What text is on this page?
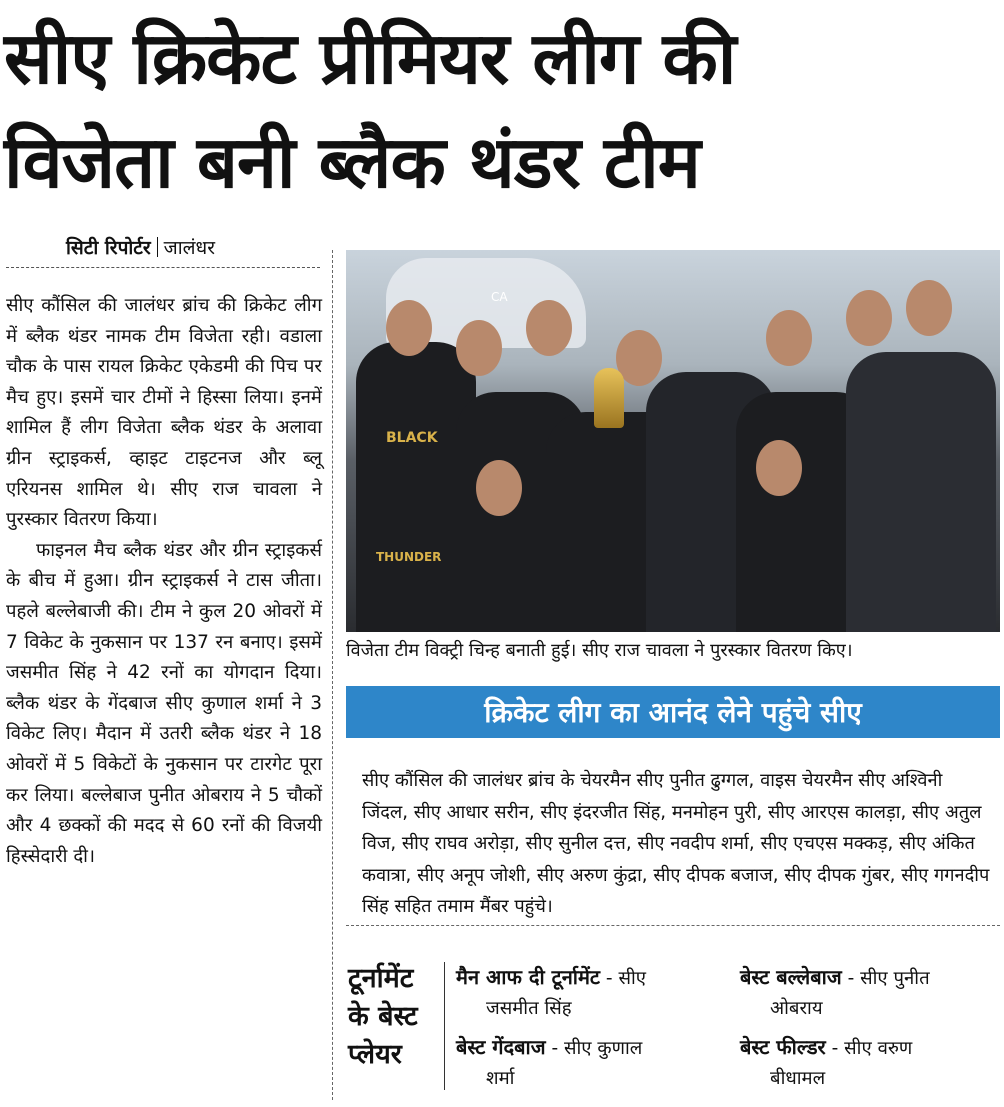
सीए क्रिकेट प्रीमियर लीग की
विजेता बनी ब्लैक थंडर टीम
सिटी रिपोर्टर जालंधर

सीए कौंसिल की जालंधर ब्रांच की क्रिकेट लीग में ब्लैक थंडर नामक टीम विजेता रही। वडाला चौक के पास रायल क्रिकेट एकेडमी की पिच पर मैच हुए। इसमें चार टीमों ने हिस्सा लिया। इनमें शामिल हैं लीग विजेता ब्लैक थंडर के अलावा ग्रीन स्ट्राइकर्स, व्हाइट टाइटनज और ब्लू एरियनस शामिल थे। सीए राज चावला ने पुरस्कार वितरण किया।

फाइनल मैच ब्लैक थंडर और ग्रीन स्ट्राइकर्स के बीच में हुआ। ग्रीन स्ट्राइकर्स ने टास जीता। पहले बल्लेबाजी की। टीम ने कुल 20 ओवरों में 7 विकेट के नुकसान पर 137 रन बनाए। इसमें जसमीत सिंह ने 42 रनों का योगदान दिया। ब्लैक थंडर के गेंदबाज सीए कुणाल शर्मा ने 3 विकेट लिए। मैदान में उतरी ब्लैक थंडर ने 18 ओवरों में 5 विकेटों के नुकसान पर टारगेट पूरा कर लिया। बल्लेबाज पुनीत ओबराय ने 5 चौकों और 4 छक्कों की मदद से 60 रनों की विजयी हिस्सेदारी दी।

BLACK
THUNDER
CA
विजेता टीम विक्ट्री चिन्ह बनाती हुई। सीए राज चावला ने पुरस्कार वितरण किए।
क्रिकेट लीग का आनंद लेने पहुंचे सीए
सीए कौंसिल की जालंधर ब्रांच के चेयरमैन सीए पुनीत ढुग्गल, वाइस चेयरमैन सीए अश्विनी जिंदल, सीए आधार सरीन, सीए इंदरजीत सिंह, मनमोहन पुरी, सीए आरएस कालड़ा, सीए अतुल विज, सीए राघव अरोड़ा, सीए सुनील दत्त, सीए नवदीप शर्मा, सीए एचएस मक्कड़, सीए अंकित कवात्रा, सीए अनूप जोशी, सीए अरुण कुंद्रा, सीए दीपक बजाज, सीए दीपक गुंबर, सीए गगनदीप सिंह सहित तमाम मैंबर पहुंचे।
टूर्नामेंट
के बेस्ट
प्लेयर
मैन आफ दी टूर्नामेंट - सीए
जसमीत सिंह
बेस्ट बल्लेबाज - सीए पुनीत
ओबराय
बेस्ट गेंदबाज - सीए कुणाल
शर्मा
बेस्ट फील्डर - सीए वरुण
बीधामल
